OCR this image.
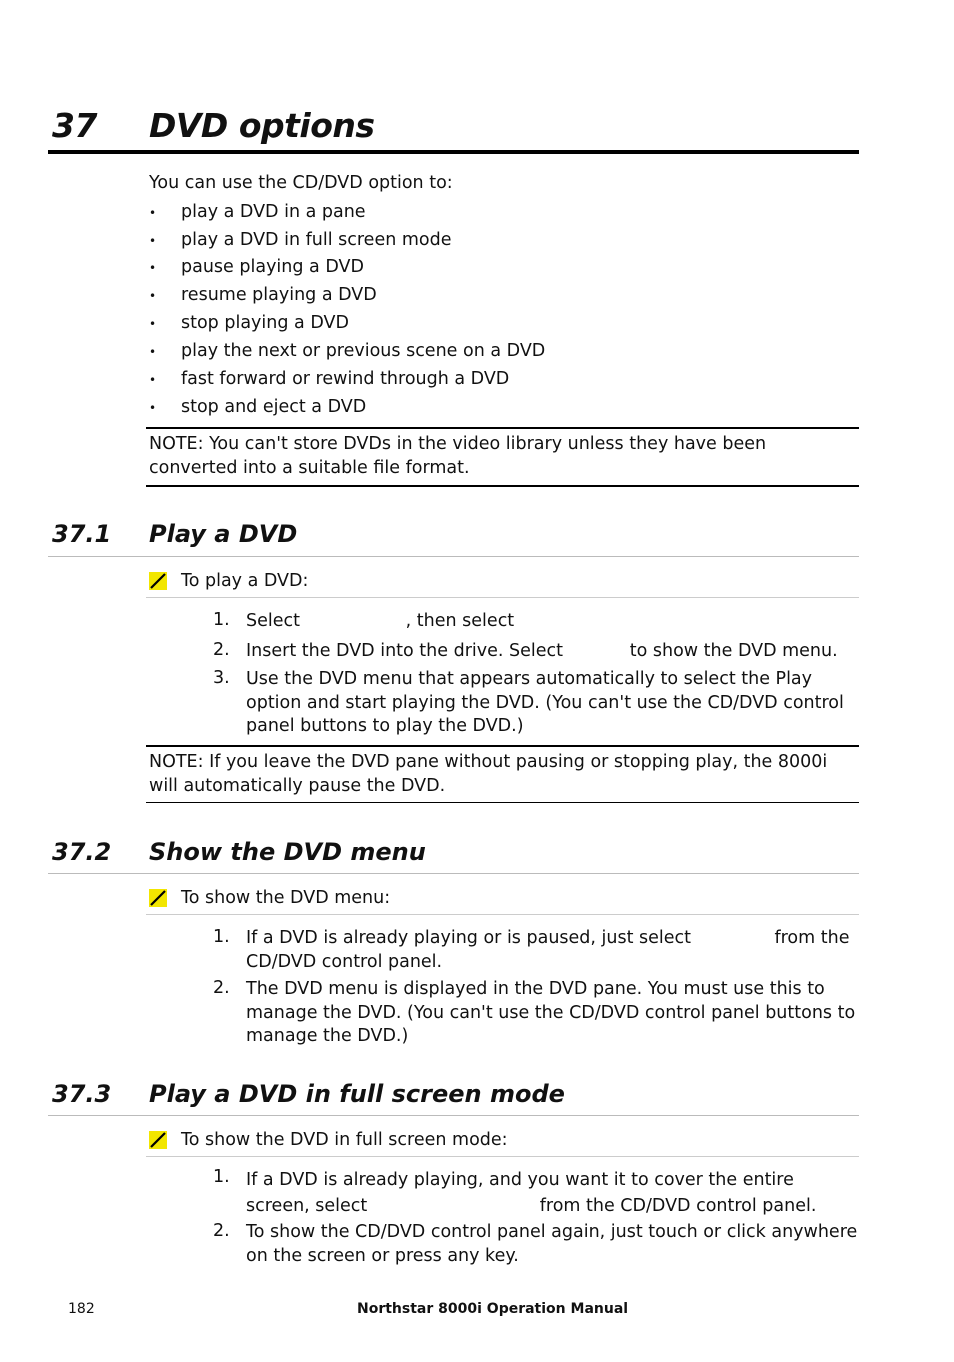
37 DVD options
You can use the CD/DVD option to:
• play a DVD in a pane
• play a DVD in full screen mode
• pause playing a DVD
• resume playing a DVD
• stop playing a DVD
• play the next or previous scene on a DVD
• fast forward or rewind through a DVD
• stop and eject a DVD
NOTE: You can't store DVDs in the video library unless they have been converted into a suitable file format.
37.1 Play a DVD
To play a DVD:
1. Select                   , then select
2. Insert the DVD into the drive. Select            to show the DVD menu.
3. Use the DVD menu that appears automatically to select the Play option and start playing the DVD. (You can't use the CD/DVD control panel buttons to play the DVD.)
NOTE: If you leave the DVD pane without pausing or stopping play, the 8000i will automatically pause the DVD.
37.2 Show the DVD menu
To show the DVD menu:
1. If a DVD is already playing or is paused, just select               from the CD/DVD control panel.
2. The DVD menu is displayed in the DVD pane. You must use this to manage the DVD. (You can't use the CD/DVD control panel buttons to manage the DVD.)
37.3 Play a DVD in full screen mode
To show the DVD in full screen mode:
1. If a DVD is already playing, and you want it to cover the entire screen, select                               from the CD/DVD control panel.
2. To show the CD/DVD control panel again, just touch or click anywhere on the screen or press any key.
182	Northstar 8000i Operation Manual
